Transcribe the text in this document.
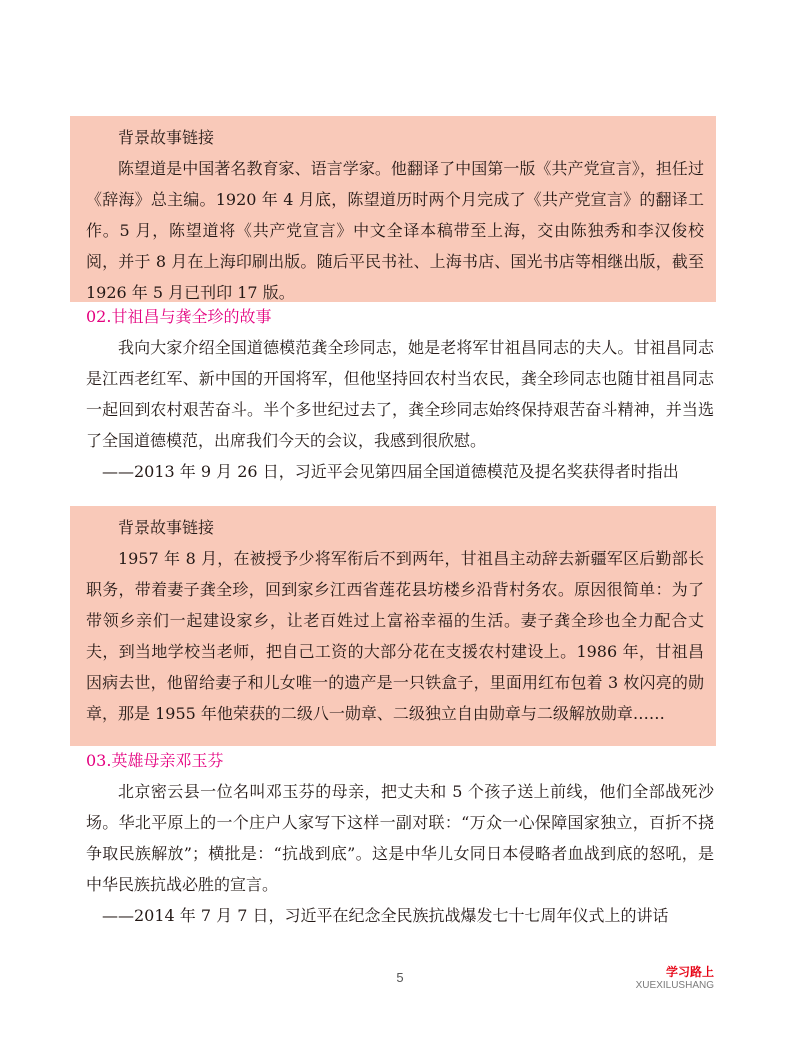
背景故事链接

陈望道是中国著名教育家、语言学家。他翻译了中国第一版《共产党宣言》，担任过《辞海》总主编。1920 年 4 月底，陈望道历时两个月完成了《共产党宣言》的翻译工作。5 月，陈望道将《共产党宣言》中文全译本稿带至上海，交由陈独秀和李汉俊校阅，并于 8 月在上海印刷出版。随后平民书社、上海书店、国光书店等相继出版，截至 1926 年 5 月已刊印 17 版。

02.甘祖昌与龚全珍的故事

我向大家介绍全国道德模范龚全珍同志，她是老将军甘祖昌同志的夫人。甘祖昌同志是江西老红军、新中国的开国将军，但他坚持回农村当农民，龚全珍同志也随甘祖昌同志一起回到农村艰苦奋斗。半个多世纪过去了，龚全珍同志始终保持艰苦奋斗精神，并当选了全国道德模范，出席我们今天的会议，我感到很欣慰。

——2013 年 9 月 26 日，习近平会见第四届全国道德模范及提名奖获得者时指出

背景故事链接

1957 年 8 月，在被授予少将军衔后不到两年，甘祖昌主动辞去新疆军区后勤部长职务，带着妻子龚全珍，回到家乡江西省莲花县坊楼乡沿背村务农。原因很简单：为了带领乡亲们一起建设家乡，让老百姓过上富裕幸福的生活。妻子龚全珍也全力配合丈夫，到当地学校当老师，把自己工资的大部分花在支援农村建设上。1986 年，甘祖昌因病去世，他留给妻子和儿女唯一的遗产是一只铁盒子，里面用红布包着 3 枚闪亮的勋章，那是 1955 年他荣获的二级八一勋章、二级独立自由勋章与二级解放勋章……

03.英雄母亲邓玉芬

北京密云县一位名叫邓玉芬的母亲，把丈夫和 5 个孩子送上前线，他们全部战死沙场。华北平原上的一个庄户人家写下这样一副对联：“万众一心保障国家独立，百折不挠争取民族解放”；横批是：“抗战到底”。这是中华儿女同日本侵略者血战到底的怒吼，是中华民族抗战必胜的宣言。

——2014 年 7 月 7 日，习近平在纪念全民族抗战爆发七十七周年仪式上的讲话

5	学习路上
XUEXILUSHANG
